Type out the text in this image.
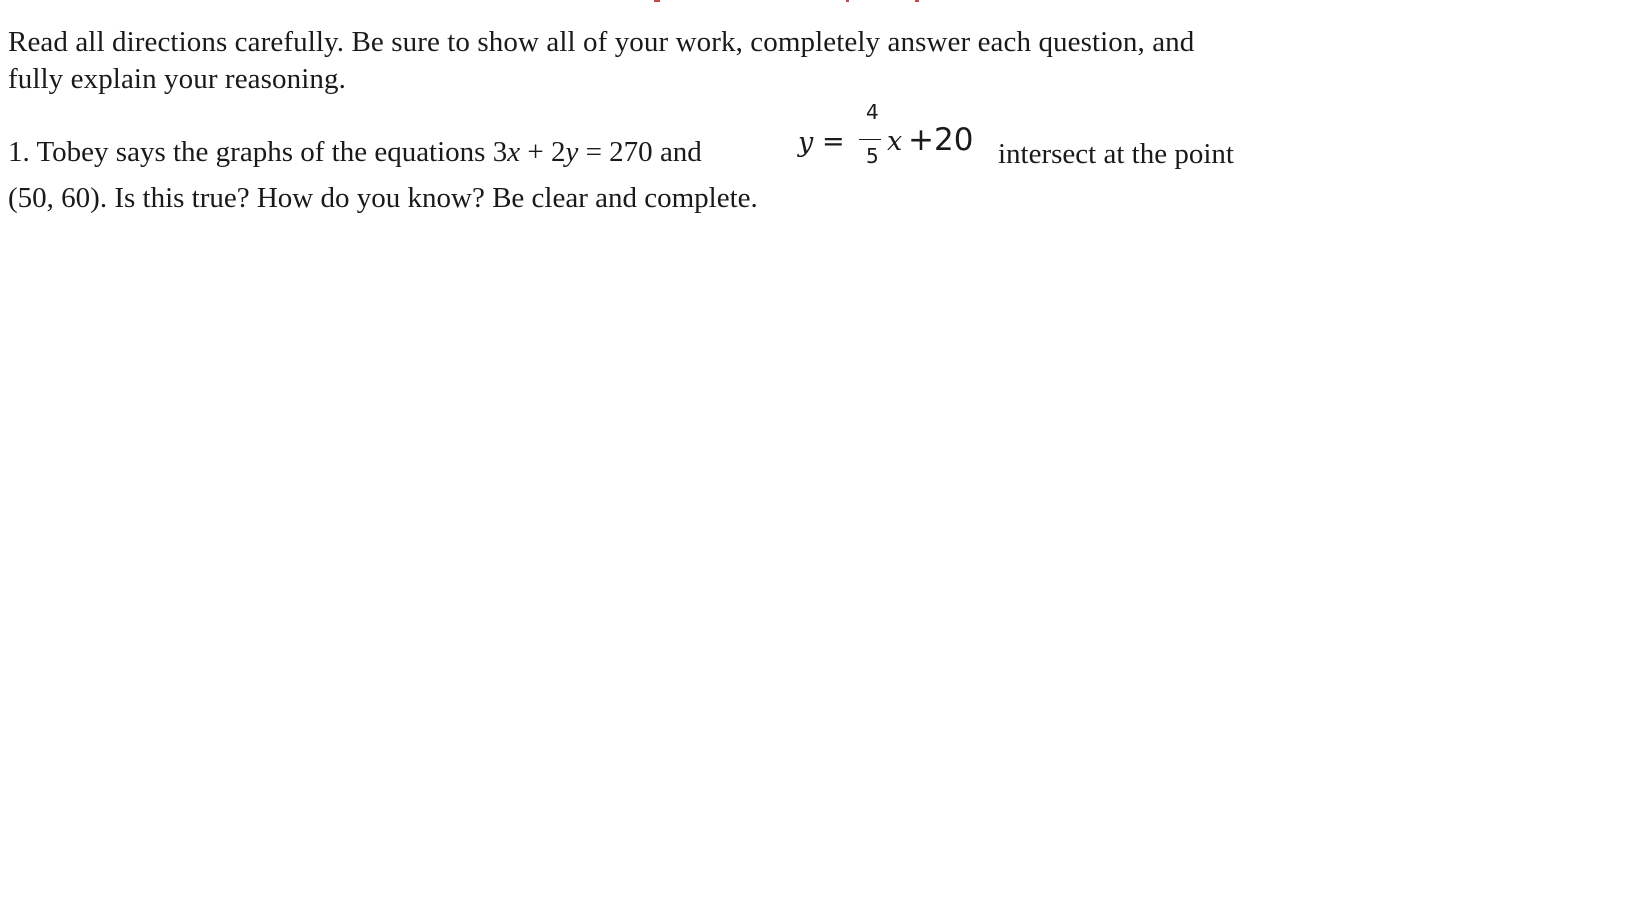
Read all directions carefully. Be sure to show all of your work, completely answer each question, and
fully explain your reasoning.
1. Tobey says the graphs of the equations 3x + 2y = 270 and	y =
4
5 x +20 intersect at the point
(50, 60). Is this true? How do you know? Be clear and complete.
